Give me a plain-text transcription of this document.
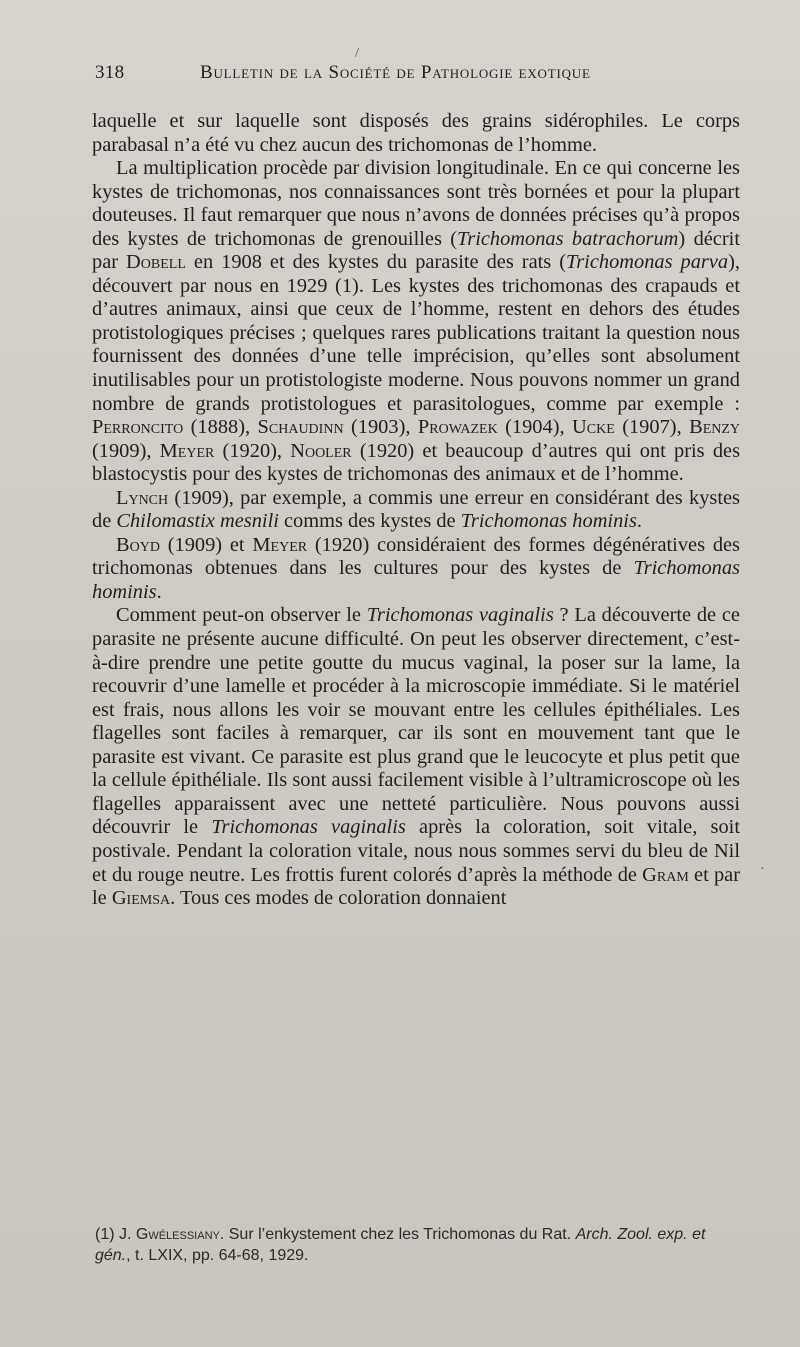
318	Bulletin de la Société de Pathologie exotique

laquelle et sur laquelle sont disposés des grains sidérophiles. Le corps parabasal n’a été vu chez aucun des trichomonas de l’homme.

La multiplication procède par division longitudinale. En ce qui concerne les kystes de trichomonas, nos connaissances sont très bornées et pour la plupart douteuses. Il faut remarquer que nous n’avons de données précises qu’à propos des kystes de trichomonas de grenouilles (Trichomonas batrachorum) décrit par Dobell en 1908 et des kystes du parasite des rats (Trichomonas parva), découvert par nous en 1929 (1). Les kystes des trichomonas des crapauds et d’autres animaux, ainsi que ceux de l’homme, restent en dehors des études protistologiques précises ; quelques rares publications traitant la question nous fournissent des données d’une telle imprécision, qu’elles sont absolument inutilisables pour un protistologiste moderne. Nous pouvons nommer un grand nombre de grands protistologues et parasitologues, comme par exemple : Perroncito (1888), Schaudinn (1903), Prowazek (1904), Ucke (1907), Benzy (1909), Meyer (1920), Nooler (1920) et beaucoup d’autres qui ont pris des blastocystis pour des kystes de trichomonas des animaux et de l’homme.

Lynch (1909), par exemple, a commis une erreur en considérant des kystes de Chilomastix mesnili comms des kystes de Trichomonas hominis.

Boyd (1909) et Meyer (1920) considéraient des formes dégénératives des trichomonas obtenues dans les cultures pour des kystes de Trichomonas hominis.

Comment peut-on observer le Trichomonas vaginalis ? La découverte de ce parasite ne présente aucune difficulté. On peut les observer directement, c’est-à-dire prendre une petite goutte du mucus vaginal, la poser sur la lame, la recouvrir d’une lamelle et procéder à la microscopie immédiate. Si le matériel est frais, nous allons les voir se mouvant entre les cellules épithéliales. Les flagelles sont faciles à remarquer, car ils sont en mouvement tant que le parasite est vivant. Ce parasite est plus grand que le leucocyte et plus petit que la cellule épithéliale. Ils sont aussi facilement visible à l’ultramicroscope où les flagelles apparaissent avec une netteté particulière. Nous pouvons aussi découvrir le Trichomonas vaginalis après la coloration, soit vitale, soit postivale. Pendant la coloration vitale, nous nous sommes servi du bleu de Nil et du rouge neutre. Les frottis furent colorés d’après la méthode de Gram et par le Giemsa. Tous ces modes de coloration donnaient

(1) J. Gwélessiany. Sur l’enkystement chez les Trichomonas du Rat. Arch. Zool. exp. et gén., t. LXIX, pp. 64-68, 1929.
/
·
